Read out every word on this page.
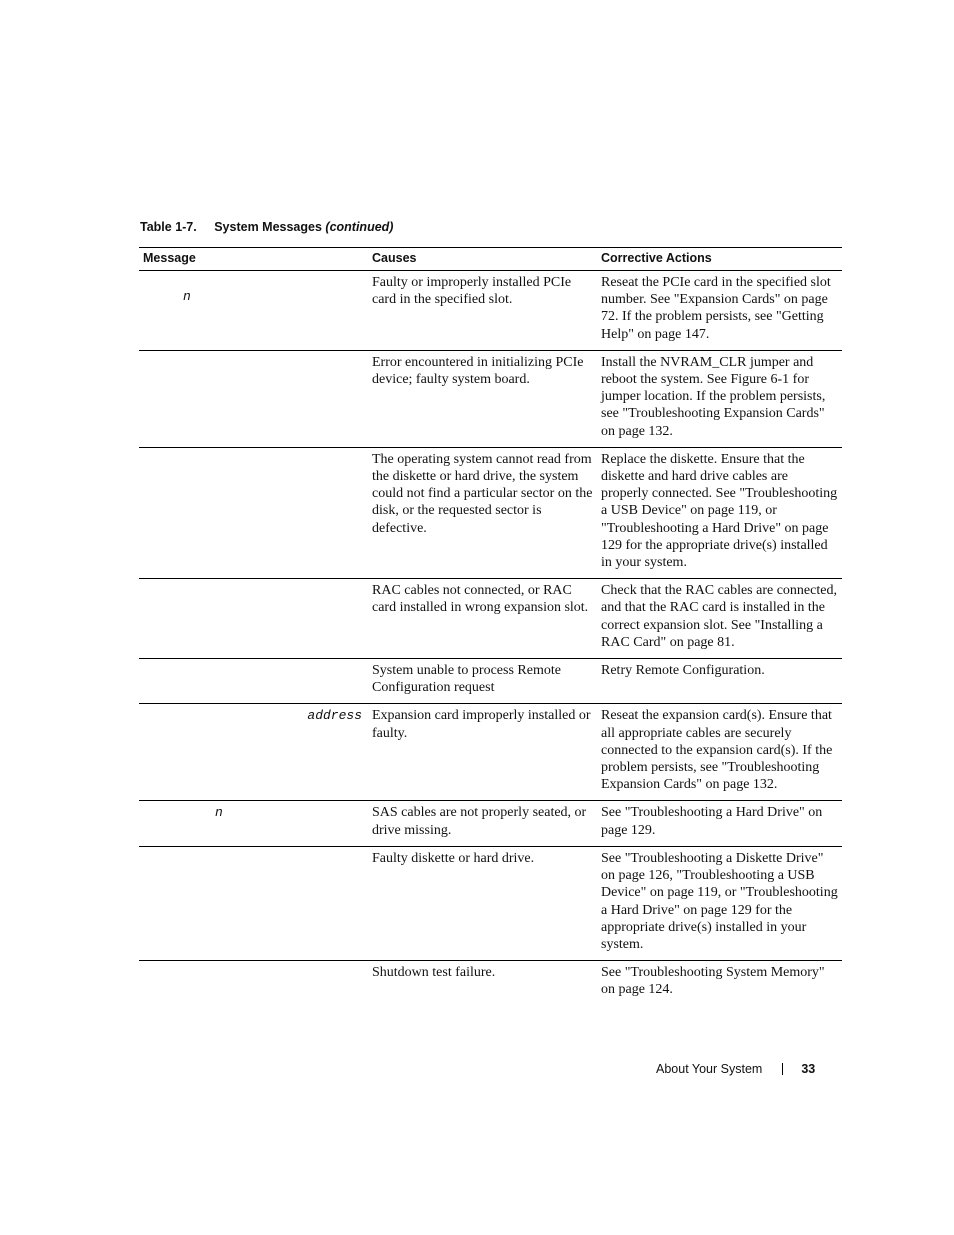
Table 1-7. System Messages (continued)
Message	Causes	Corrective Actions

n	Faulty or improperly installed PCIe card in the specified slot.	Reseat the PCIe card in the specified slot number. See "Expansion Cards" on page 72. If the problem persists, see "Getting Help" on page 147.
	Error encountered in initializing PCIe device; faulty system board.	Install the NVRAM_CLR jumper and reboot the system. See Figure 6-1 for jumper location. If the problem persists, see "Troubleshooting Expansion Cards" on page 132.
	The operating system cannot read from the diskette or hard drive, the system could not find a particular sector on the disk, or the requested sector is defective.	Replace the diskette. Ensure that the diskette and hard drive cables are properly connected. See "Troubleshooting a USB Device" on page 119, or "Troubleshooting a Hard Drive" on page 129 for the appropriate drive(s) installed in your system.
	RAC cables not connected, or RAC card installed in wrong expansion slot.	Check that the RAC cables are connected, and that the RAC card is installed in the correct expansion slot. See "Installing a RAC Card" on page 81.
	System unable to process Remote Configuration request	Retry Remote Configuration.
address	Expansion card improperly installed or faulty.	Reseat the expansion card(s). Ensure that all appropriate cables are securely connected to the expansion card(s). If the problem persists, see "Troubleshooting Expansion Cards" on page 132.
n	SAS cables are not properly seated, or drive missing.	See "Troubleshooting a Hard Drive" on page 129.
	Faulty diskette or hard drive.	See "Troubleshooting a Diskette Drive" on page 126, "Troubleshooting a USB Device" on page 119, or "Troubleshooting a Hard Drive" on page 129 for the appropriate drive(s) installed in your system.
	Shutdown test failure.	See "Troubleshooting System Memory" on page 124.
About Your System	33
